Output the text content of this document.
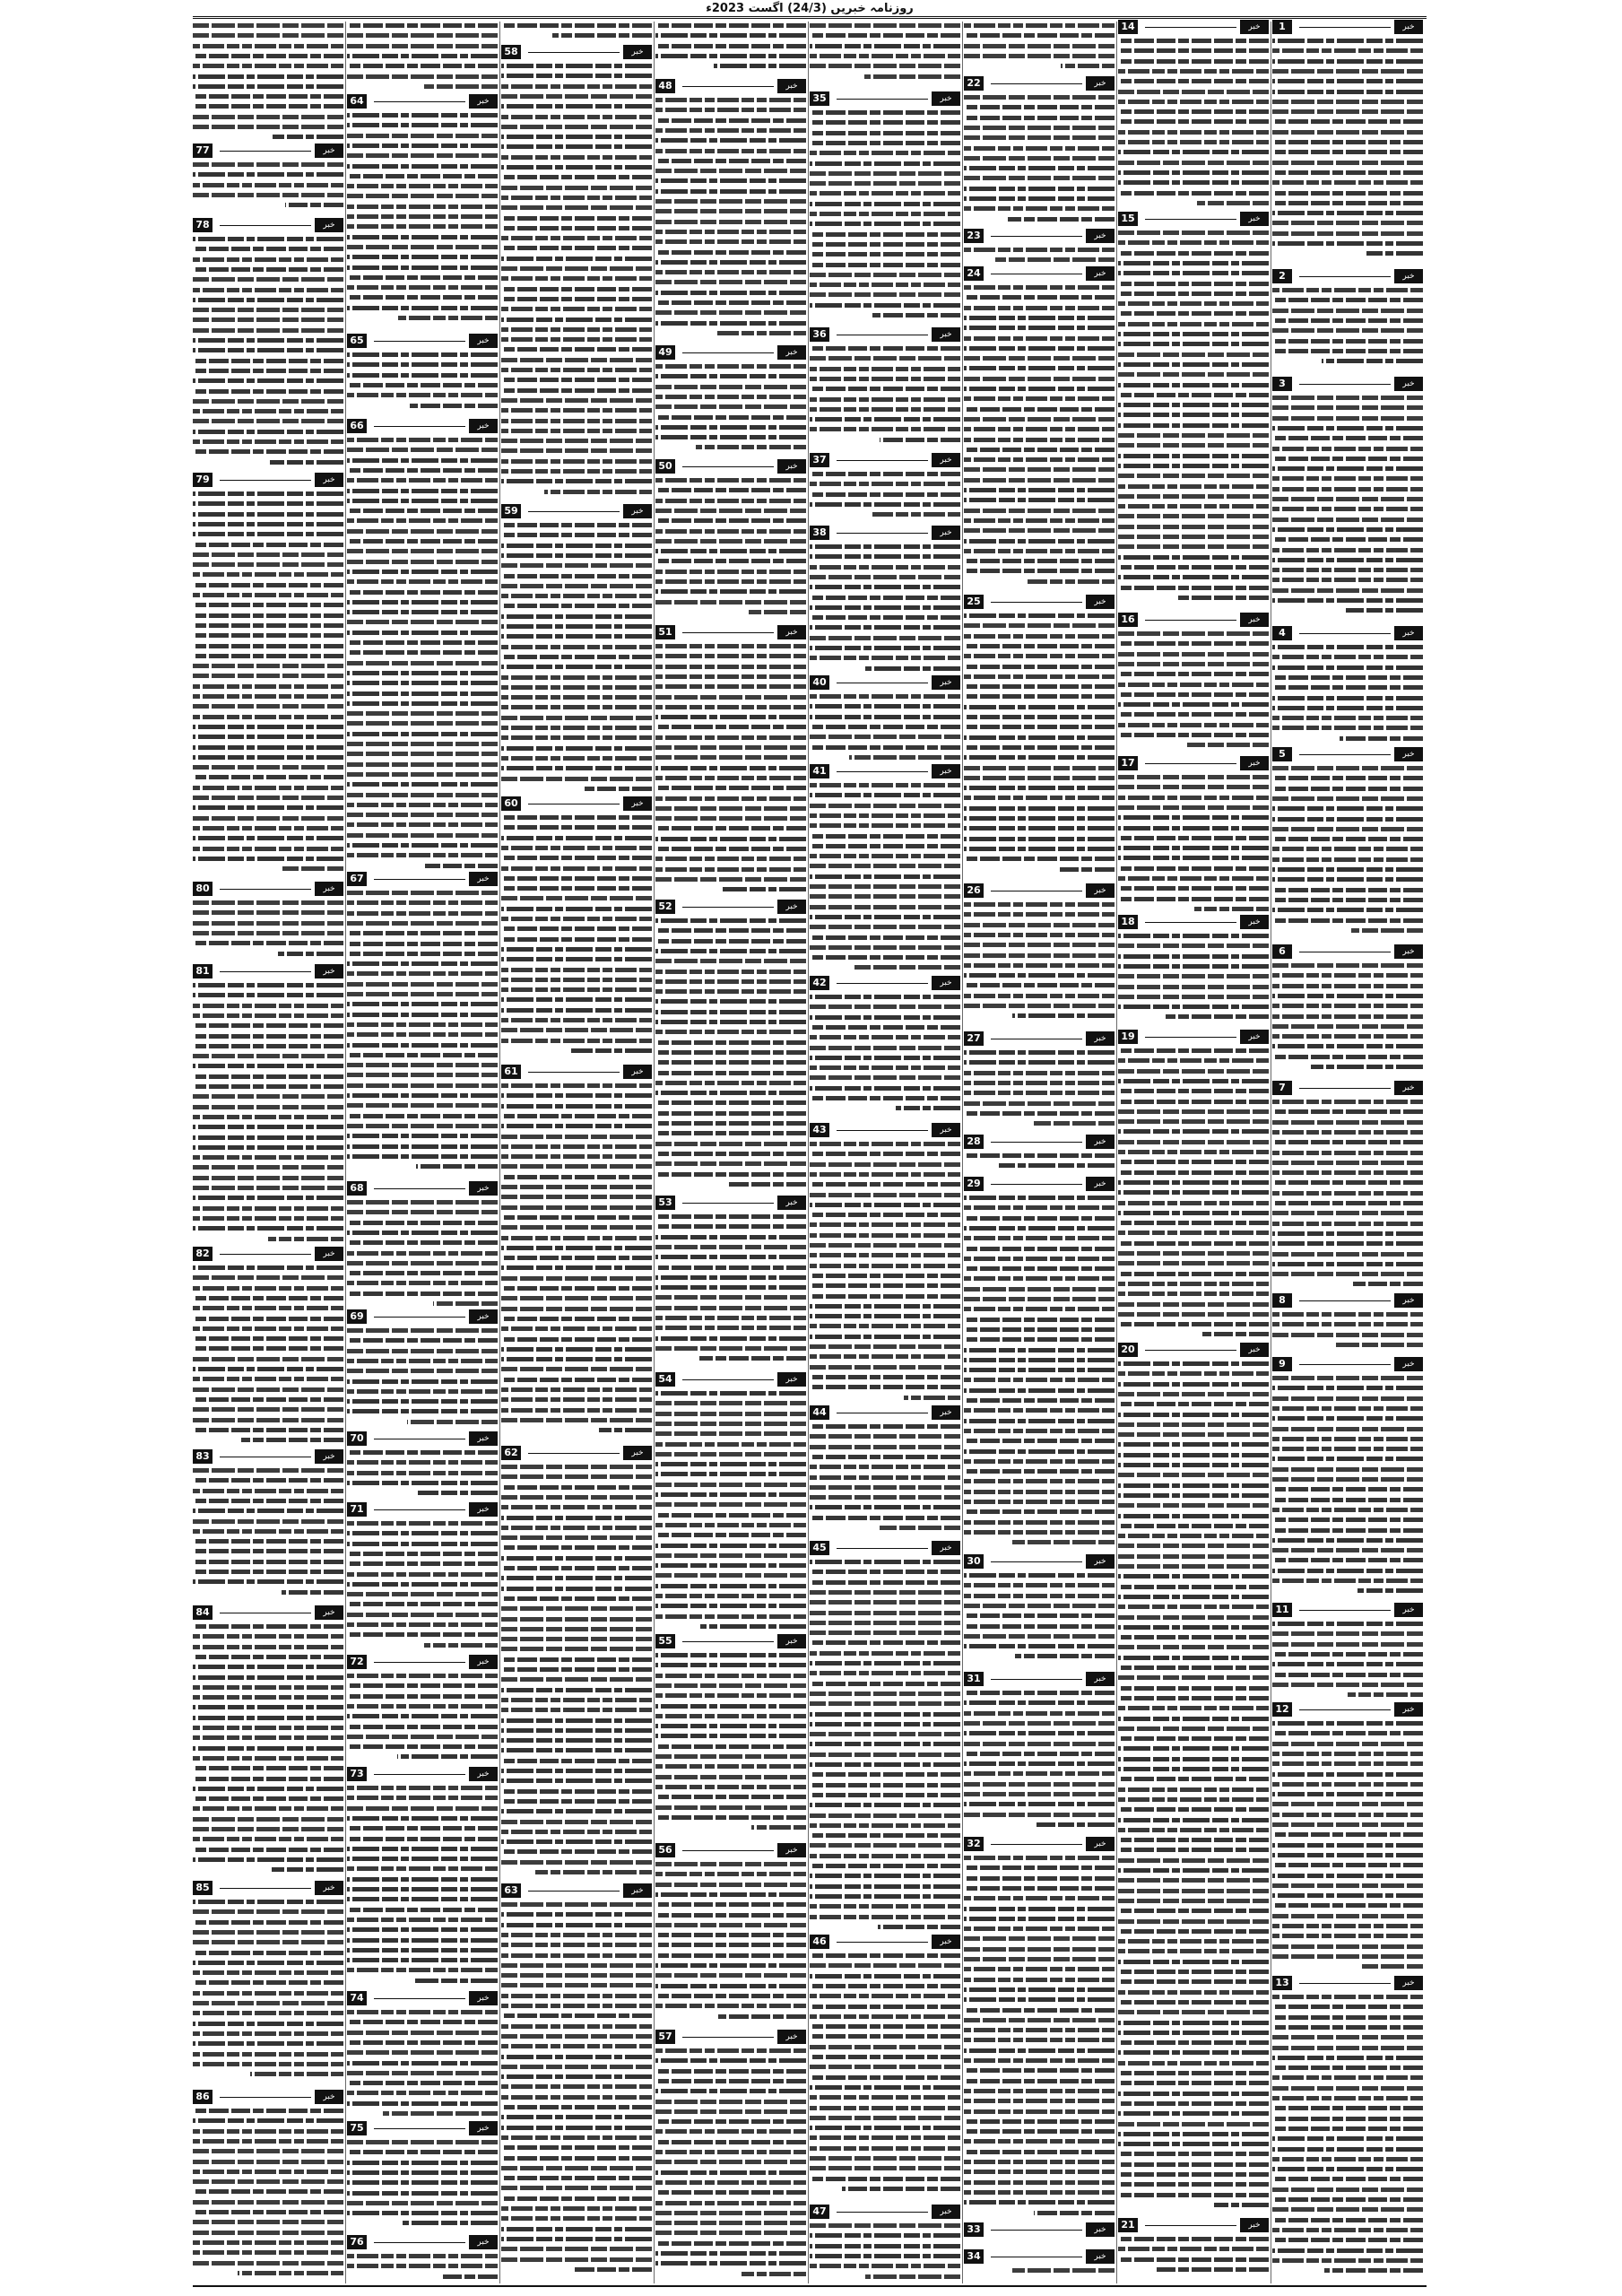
روزنامہ خبریں (24/3) اگست 2023ء
1	خبر
2	خبر
3	خبر
4	خبر
5	خبر
6	خبر
7	خبر
8	خبر
9	خبر
11	خبر
12	خبر
13	خبر
14	خبر
15	خبر
16	خبر
17	خبر
18	خبر
19	خبر
20	خبر
21	خبر
22	خبر
23	خبر
24	خبر
25	خبر
26	خبر
27	خبر
28	خبر
29	خبر
30	خبر
31	خبر
32	خبر
33	خبر
34	خبر
35	خبر
36	خبر
37	خبر
38	خبر
40	خبر
41	خبر
42	خبر
43	خبر
44	خبر
45	خبر
46	خبر
47	خبر
48	خبر
49	خبر
50	خبر
51	خبر
52	خبر
53	خبر
54	خبر
55	خبر
56	خبر
57	خبر
58	خبر
59	خبر
60	خبر
61	خبر
62	خبر
63	خبر
64	خبر
65	خبر
66	خبر
67	خبر
68	خبر
69	خبر
70	خبر
71	خبر
72	خبر
73	خبر
74	خبر
75	خبر
76	خبر
77	خبر
78	خبر
79	خبر
80	خبر
81	خبر
82	خبر
83	خبر
84	خبر
85	خبر
86	خبر
